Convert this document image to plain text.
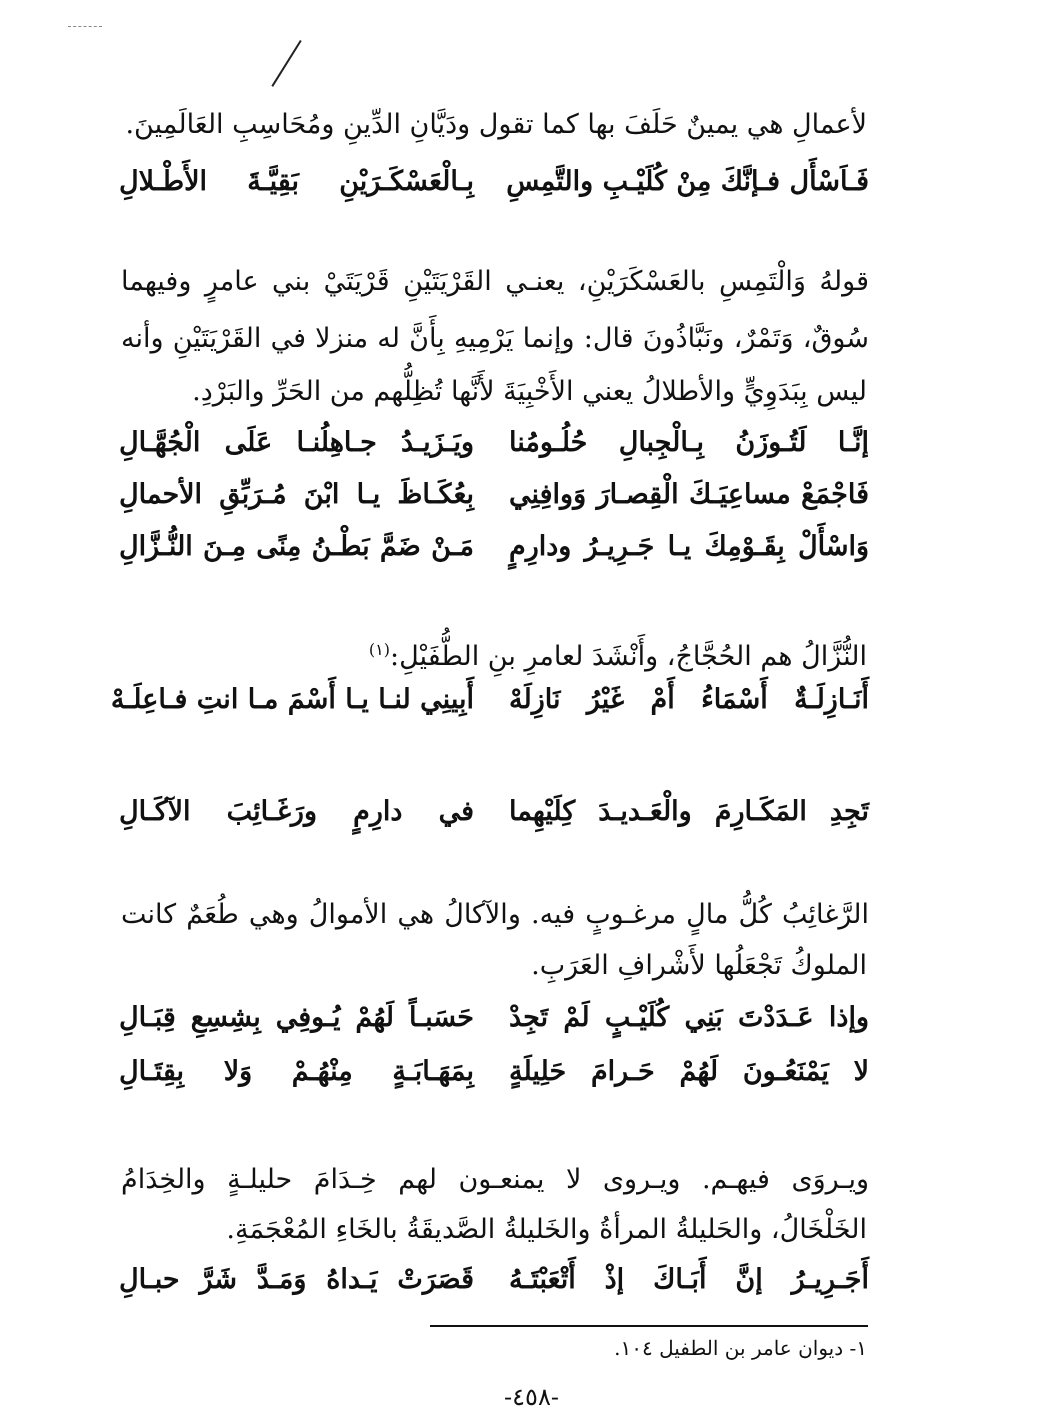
لأعمالِ هي يمينٌ حَلَفَ بها كما تقول ودَيَّانِ الدِّينِ ومُحَاسِبِ العَالَمِينَ.
فَـاَسْأَل فـإنَّكَ مِنْ كُلَيْـبِ والتَّمِسِ
بِـالْعَسْكَـرَيْنِ بَقِيَّـةَ الأَطْـلالِ
قولهُ وَالْتَمِسِ بالعَسْكَرَيْنِ، يعنـي القَرْيَتَيْنِ قَرْيَتَيْ بني عامرٍ وفيهما
سُوقٌ، وَتَمْرٌ، ونَبَّاذُونَ قال: وإنما يَرْمِيهِ بِأَنَّ له منزلا في القَرْيَتَيْنِ وأنه
ليس بِبَدَوِيٍّ والأطلالُ يعني الأَخْبِيَةَ لأَنَّها تُظِلُّهم من الحَرِّ والبَرْدِ.
إنَّـا لَتُـوزَنُ بِـالْجِبالِ حُلُـومُنا
ويَـزَيـدُ جـاهِلُنـا عَلَى الْجُهَّـالِ
فَاجْمَعْ مساعِيَـكَ الْقِصـارَ وَوافِنِي
بِعُكَـاظَ يـا ابْنَ مُـرَبِّقِ الأحمالِ
وَاسْأَلْ بِقَـوْمِكَ يـا جَـرِيـرُ ودارِمٍ
مَـنْ ضَمَّ بَطْـنُ مِنًى مِـنَ النُّـزَّالِ
النُّزَّالُ هم الحُجَّاجُ، وأَنْشَدَ لعامرِ بنِ الطُّفَيْلِ:$^{(١)}$
أَنَـازِلَـةٌ أَسْمَاءُ أَمْ غَيْرُ نَازِلَهْ
أَبِينِي لنـا يـا أَسْمَ مـا انتِ فـاعِلَـهْ
تَجِدِ المَكَـارِمَ والْعَـديـدَ كِلَيْهِما
في دارِمٍ ورَغَـائِبَ الآكَـالِ
الرَّغائِبُ كُلُّ مالٍ مرغـوبٍ فيه. والآكالُ هي الأموالُ وهي طُعَمٌ كانت
الملوكُ تَجْعَلُها لأَشْرافِ العَرَبِ.
وإذا عَـدَدْتَ بَنِي كُلَيْـبٍ لَمْ تَجِدْ
حَسَبـاً لَهُمْ يُـوفِي بِشِسِعِ قِبَـالِ
لا يَمْنَعُـونَ لَهُمْ حَـرامَ حَلِيلَةٍ
بِمَهَـابَـةٍ مِنْهُـمْ وَلا بِقِتَـالِ
ويـروَى فيهـم. ويـروى لا يمنعـون لهم خِـدَامَ حليلـةٍ والخِدَامُ
الخَلْخَالُ، والحَليلةُ المرأةُ والخَليلةُ الصَّديقَةُ بالخَاءِ المُعْجَمَةِ.
أَجَـرِيـرُ إنَّ أَبَـاكَ إذْ أَتْعَبْتَـهُ
قَصَرَتْ يَـداهُ وَمَـدَّ شَرَّ حبـالِ
١- ديوان عامر بن الطفيل ١٠٤.
-٤٥٨-
